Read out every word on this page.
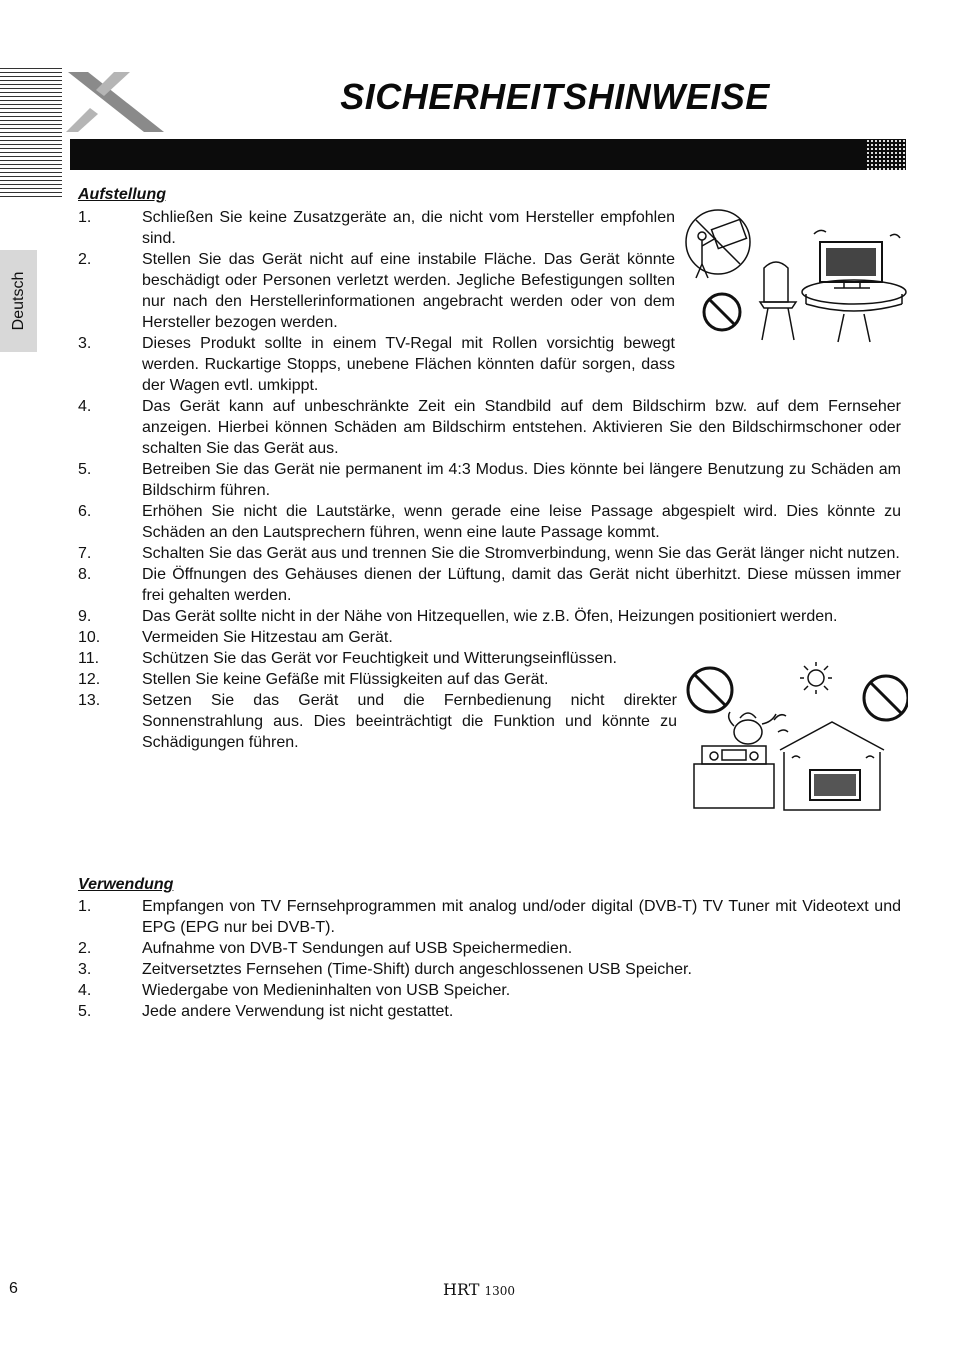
SICHERHEITSHINWEISE
Deutsch
Aufstellung
1.	Schließen Sie keine Zusatzgeräte an, die nicht vom Hersteller empfohlen sind.
2.	Stellen Sie das Gerät nicht auf eine instabile Fläche. Das Gerät könnte beschädigt oder Personen verletzt werden. Jegliche Befestigungen sollten nur nach den Herstellerinformationen angebracht werden oder von dem Hersteller bezogen werden.
3.	Dieses Produkt sollte in einem TV-Regal mit Rollen vorsichtig bewegt werden. Ruckartige Stopps, unebene Flächen könnten dafür sorgen, dass der Wagen evtl. umkippt.
4.	Das Gerät kann auf unbeschränkte Zeit ein Standbild auf dem Bildschirm bzw. auf dem Fernseher anzeigen. Hierbei können Schäden am Bildschirm entstehen. Aktivieren Sie den Bildschirmschoner oder schalten Sie das Gerät aus.
5.	Betreiben Sie das Gerät nie permanent im 4:3 Modus. Dies könnte bei längere Benutzung zu Schäden am Bildschirm führen.
6.	Erhöhen Sie nicht die Lautstärke, wenn gerade eine leise Passage abgespielt wird. Dies könnte zu Schäden an den Lautsprechern führen, wenn eine laute Passage kommt.
7.	Schalten Sie das Gerät aus und trennen Sie die Stromverbindung, wenn Sie das Gerät länger nicht nutzen.
8.	Die Öffnungen des Gehäuses dienen der Lüftung, damit das Gerät nicht überhitzt. Diese müssen immer frei gehalten werden.
9.	Das Gerät sollte nicht in der Nähe von Hitzequellen, wie z.B. Öfen, Heizungen positioniert werden.
10.	Vermeiden Sie Hitzestau am Gerät.
11.	Schützen Sie das Gerät vor Feuchtigkeit und Witterungseinflüssen.
12.	Stellen Sie keine Gefäße mit Flüssigkeiten auf das Gerät.
13.	Setzen Sie das Gerät und die Fernbedienung nicht direkter Sonnenstrahlung aus. Dies beeinträchtigt die Funktion und könnte zu Schädigungen führen.
Verwendung
1.	Empfangen von TV Fernsehprogrammen mit analog und/oder digital (DVB-T) TV Tuner mit Videotext und EPG (EPG nur bei DVB-T).
2.	Aufnahme von DVB-T Sendungen auf USB Speichermedien.
3.	Zeitversetztes Fernsehen (Time-Shift) durch angeschlossenen USB Speicher.
4.	Wiedergabe von Medieninhalten von USB Speicher.
5.	Jede andere Verwendung ist nicht gestattet.
6	HRT 1300
